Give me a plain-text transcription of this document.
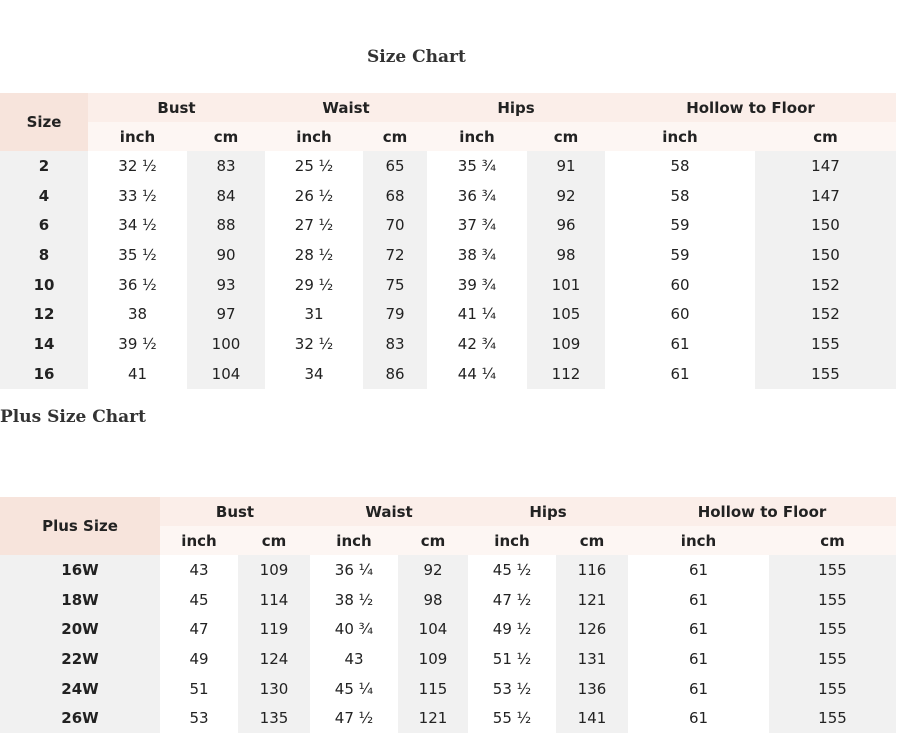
Size Chart
Size	Bust		Waist		Hips		Hollow to Floor	
	inch	cm	inch	cm	inch	cm	inch	cm
2	32 ½	83	25 ½	65	35 ¾	91	58	147
4	33 ½	84	26 ½	68	36 ¾	92	58	147
6	34 ½	88	27 ½	70	37 ¾	96	59	150
8	35 ½	90	28 ½	72	38 ¾	98	59	150
10	36 ½	93	29 ½	75	39 ¾	101	60	152
12	38	97	31	79	41 ¼	105	60	152
14	39 ½	100	32 ½	83	42 ¾	109	61	155
16	41	104	34	86	44 ¼	112	61	155
Plus Size Chart
Plus Size	Bust		Waist		Hips		Hollow to Floor	
	inch	cm	inch	cm	inch	cm	inch	cm
16W	43	109	36 ¼	92	45 ½	116	61	155
18W	45	114	38 ½	98	47 ½	121	61	155
20W	47	119	40 ¾	104	49 ½	126	61	155
22W	49	124	43	109	51 ½	131	61	155
24W	51	130	45 ¼	115	53 ½	136	61	155
26W	53	135	47 ½	121	55 ½	141	61	155
